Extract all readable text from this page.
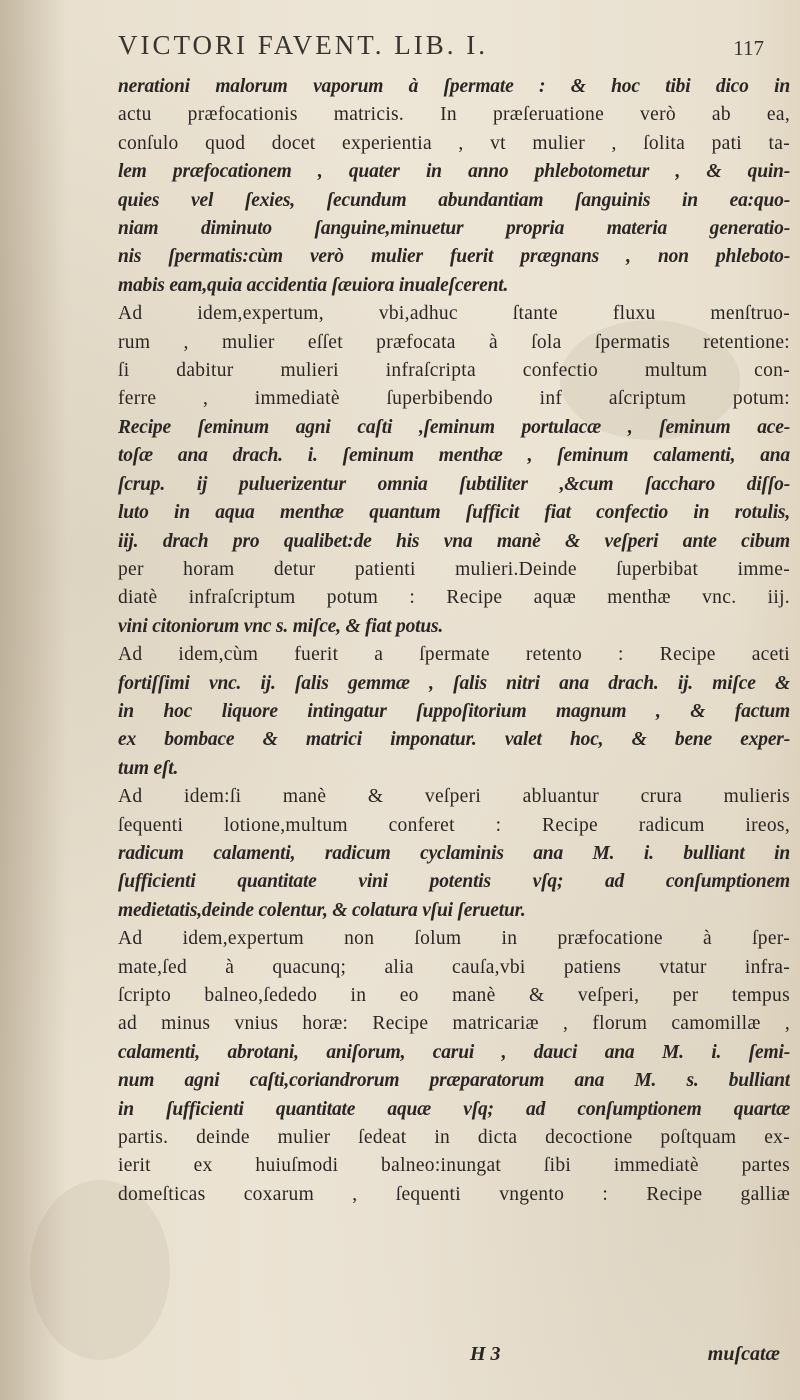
VICTORI FAVENT. LIB. I.	117
nerationi malorum vaporum à ſpermate : & hoc tibi dico in
actu præfocationis matricis. In præſeruatione verò ab ea,
conſulo quod docet experientia , vt mulier , ſolita pati ta-
lem præfocationem , quater in anno phlebotometur , & quin-
quies vel ſexies, ſecundum abundantiam ſanguinis in ea:quo-
niam diminuto ſanguine,minuetur propria materia generatio-
nis ſpermatis:cùm verò mulier fuerit prægnans , non phleboto-
mabis eam,quia accidentia ſæuiora inualeſcerent.
Ad idem,expertum, vbi,adhuc ſtante fluxu menſtruo-
rum , mulier eſſet præfocata à ſola ſpermatis retentione:
ſi dabitur mulieri infraſcripta confectio multum con-
ferre , immediatè ſuperbibendo inf aſcriptum potum:
Recipe ſeminum agni caſti ,ſeminum portulacæ , ſeminum ace-
toſæ ana drach. i. ſeminum menthæ , ſeminum calamenti, ana
ſcrup. ij puluerizentur omnia ſubtiliter ,&cum ſaccharo diſſo-
luto in aqua menthæ quantum ſufficit fiat confectio in rotulis,
iij. drach pro qualibet:de his vna manè & veſperi ante cibum
per horam detur patienti mulieri.Deinde ſuperbibat imme-
diatè infraſcriptum potum : Recipe aquæ menthæ vnc. iij.
vini citoniorum vnc s. miſce, & fiat potus.
Ad idem,cùm fuerit a ſpermate retento : Recipe aceti
fortiſſimi vnc. ij. ſalis gemmæ , ſalis nitri ana drach. ij. miſce &
in hoc liquore intingatur ſuppoſitorium magnum , & factum
ex bombace & matrici imponatur. valet hoc, & bene exper-
tum eſt.
Ad idem:ſi manè & veſperi abluantur crura mulieris
ſequenti lotione,multum conferet : Recipe radicum ireos,
radicum calamenti, radicum cyclaminis ana M. i. bulliant in
ſufficienti quantitate vini potentis vſq; ad conſumptionem
medietatis,deinde colentur, & colatura vſui ſeruetur.
Ad idem,expertum non ſolum in præfocatione à ſper-
mate,ſed à quacunq; alia cauſa,vbi patiens vtatur infra-
ſcripto balneo,ſededo in eo manè & veſperi, per tempus
ad minus vnius horæ: Recipe matricariæ , florum camomillæ ,
calamenti, abrotani, aniſorum, carui , dauci ana M. i. ſemi-
num agni caſti,coriandrorum præparatorum ana M. s. bulliant
in ſufficienti quantitate aquæ vſq; ad conſumptionem quartæ
partis. deinde mulier ſedeat in dicta decoctione poſtquam ex-
ierit ex huiuſmodi balneo:inungat ſibi immediatè partes
domeſticas coxarum , ſequenti vngento : Recipe galliæ
H 3	muſcatæ
